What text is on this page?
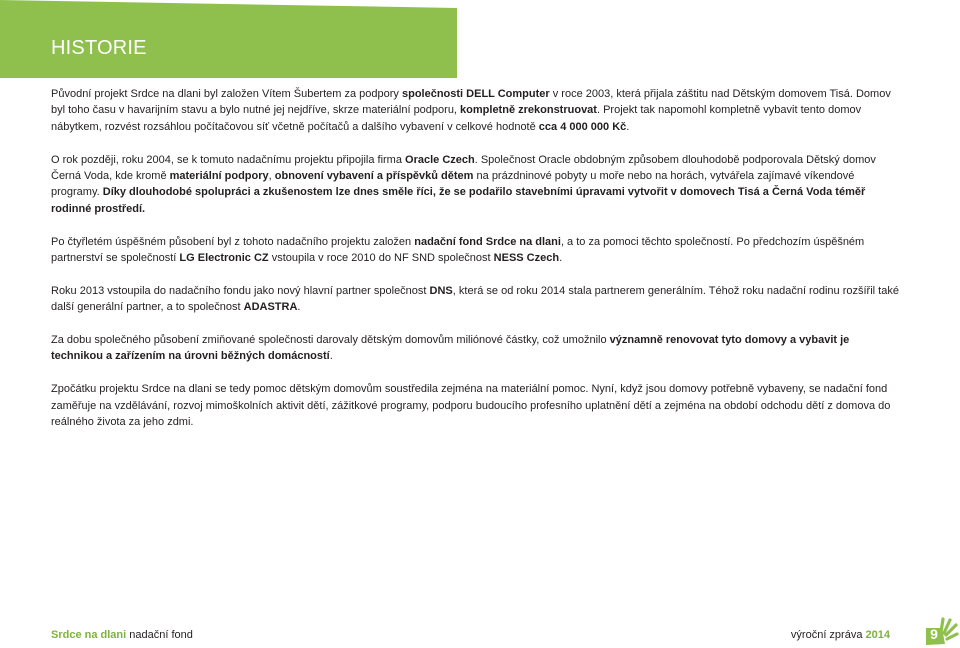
HISTORIE

Původní projekt Srdce na dlani byl založen Vítem Šubertem za podpory společnosti DELL Computer v roce 2003, která přijala záštitu nad Dětským domovem Tisá. Domov byl toho času v havarijním stavu a bylo nutné jej nejdříve, skrze materiální podporu, kompletně zrekonstruovat. Projekt tak napomohl kompletně vybavit tento domov nábytkem, rozvést rozsáhlou počítačovou síť včetně počítačů a dalšího vybavení v celkové hodnotě cca 4 000 000 Kč.

O rok později, roku 2004, se k tomuto nadačnímu projektu připojila firma Oracle Czech. Společnost Oracle obdobným způsobem dlouhodobě podporovala Dětský domov Černá Voda, kde kromě materiální podpory, obnovení vybavení a příspěvků dětem na prázdninové pobyty u moře nebo na horách, vytvářela zajímavé víkendové programy. Díky dlouhodobé spolupráci a zkušenostem lze dnes směle říci, že se podařilo stavebními úpravami vytvořit v domovech Tisá a Černá Voda téměř rodinné prostředí.

Po čtyřletém úspěšném působení byl z tohoto nadačního projektu založen nadační fond Srdce na dlani, a to za pomoci těchto společností. Po předchozím úspěšném partnerství se společností LG Electronic CZ vstoupila v roce 2010 do NF SND společnost NESS Czech.

Roku 2013 vstoupila do nadačního fondu jako nový hlavní partner společnost DNS, která se od roku 2014 stala partnerem generálním. Téhož roku nadační rodinu rozšířil také další generální partner, a to společnost ADASTRA.

Za dobu společného působení zmiňované společnosti darovaly dětským domovům miliónové částky, což umožnilo významně renovovat tyto domovy a vybavit je technikou a zařízením na úrovni běžných domácností.

Zpočátku projektu Srdce na dlani se tedy pomoc dětským domovům soustředila zejména na materiální pomoc. Nyní, když jsou domovy potřebně vybaveny, se nadační fond zaměřuje na vzdělávání, rozvoj mimoškolních aktivit dětí, zážitkové programy, podporu budoucího profesního uplatnění dětí a zejména na období odchodu dětí z domova do reálného života za jeho zdmi.

Srdce na dlani nadační fond	výroční zpráva 2014	9
